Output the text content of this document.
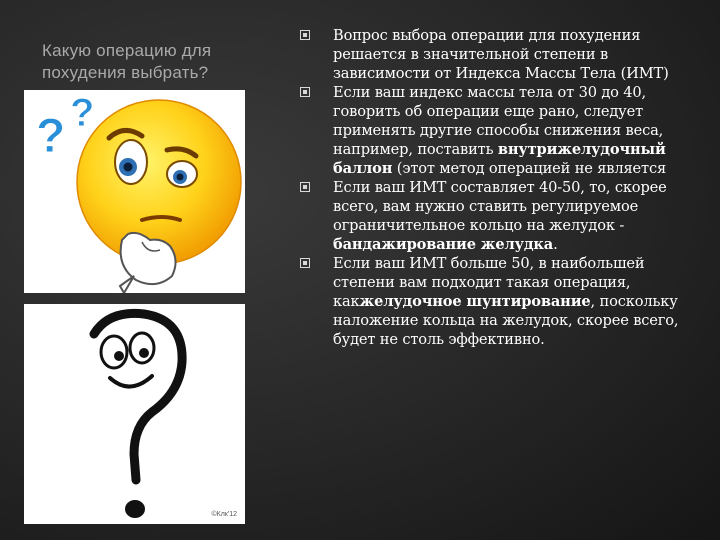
Какую операцию для похудения выбрать?
? ?
©Клк'12
Вопрос выбора операции для похудения решается в значительной степени в зависимости от Индекса Массы Тела (ИМТ)
Если ваш индекс массы тела от 30 до 40, говорить об операции еще рано, следует применять другие способы снижения веса, например, поставить внутрижелудочный баллон (этот метод операцией не является
Если ваш ИМТ составляет 40-50, то, скорее всего, вам нужно ставить регулируемое ограничительное кольцо на желудок - бандажирование желудка.
Если ваш ИМТ больше 50, в наибольшей степени вам подходит такая операция, какжелудочное шунтирование, поскольку наложение кольца на желудок, скорее всего, будет не столь эффективно.
